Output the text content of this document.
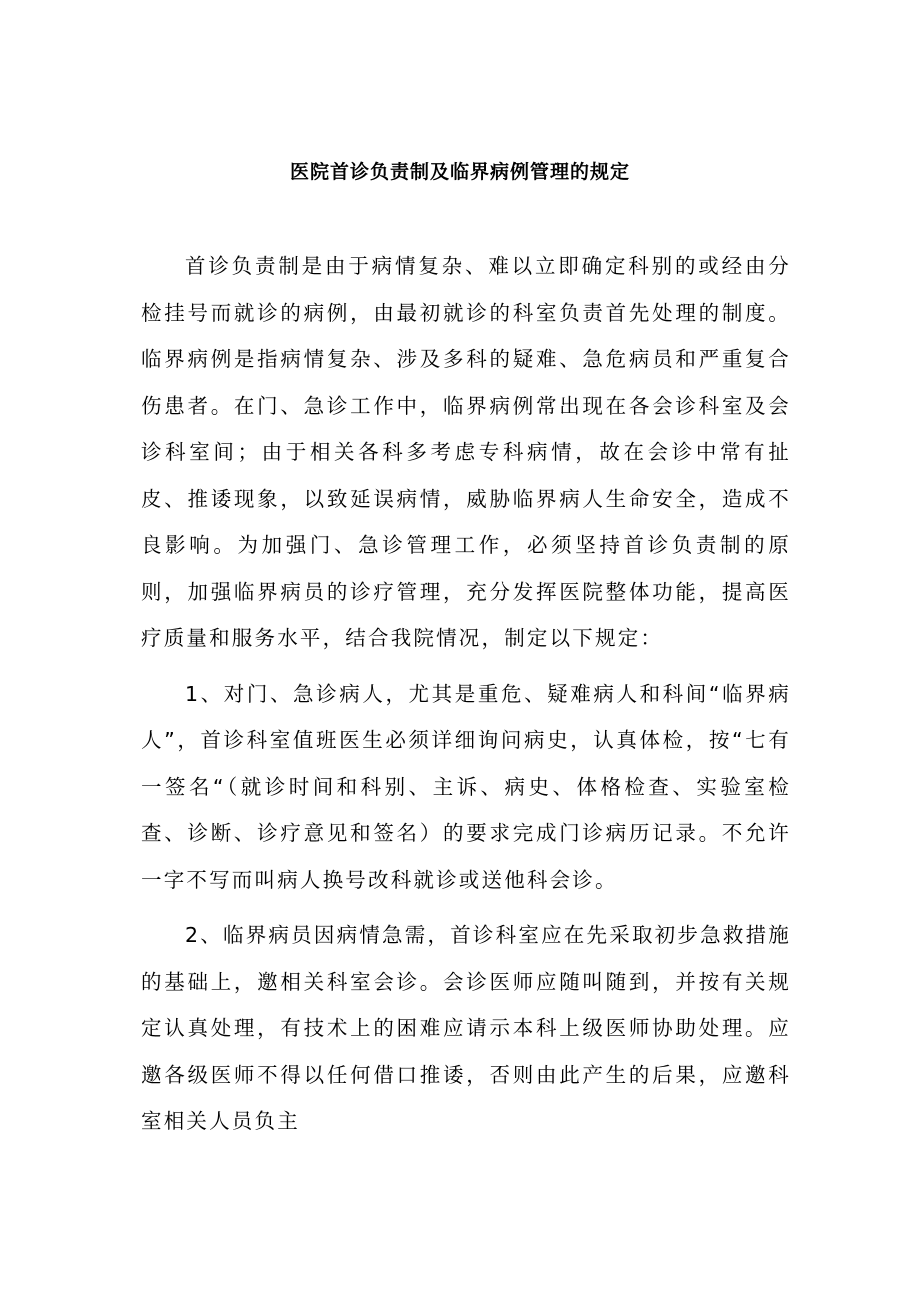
医院首诊负责制及临界病例管理的规定

首诊负责制是由于病情复杂、难以立即确定科别的或经由分检挂号而就诊的病例，由最初就诊的科室负责首先处理的制度。临界病例是指病情复杂、涉及多科的疑难、急危病员和严重复合伤患者。在门、急诊工作中，临界病例常出现在各会诊科室及会诊科室间；由于相关各科多考虑专科病情，故在会诊中常有扯皮、推诿现象，以致延误病情，威胁临界病人生命安全，造成不良影响。为加强门、急诊管理工作，必须坚持首诊负责制的原则，加强临界病员的诊疗管理，充分发挥医院整体功能，提高医疗质量和服务水平，结合我院情况，制定以下规定：

1、对门、急诊病人，尤其是重危、疑难病人和科间“临界病人”，首诊科室值班医生必须详细询问病史，认真体检，按“七有一签名“（就诊时间和科别、主诉、病史、体格检查、实验室检查、诊断、诊疗意见和签名）的要求完成门诊病历记录。不允许一字不写而叫病人换号改科就诊或送他科会诊。

2、临界病员因病情急需，首诊科室应在先采取初步急救措施的基础上，邀相关科室会诊。会诊医师应随叫随到，并按有关规定认真处理，有技术上的困难应请示本科上级医师协助处理。应邀各级医师不得以任何借口推诿，否则由此产生的后果，应邀科室相关人员负主
